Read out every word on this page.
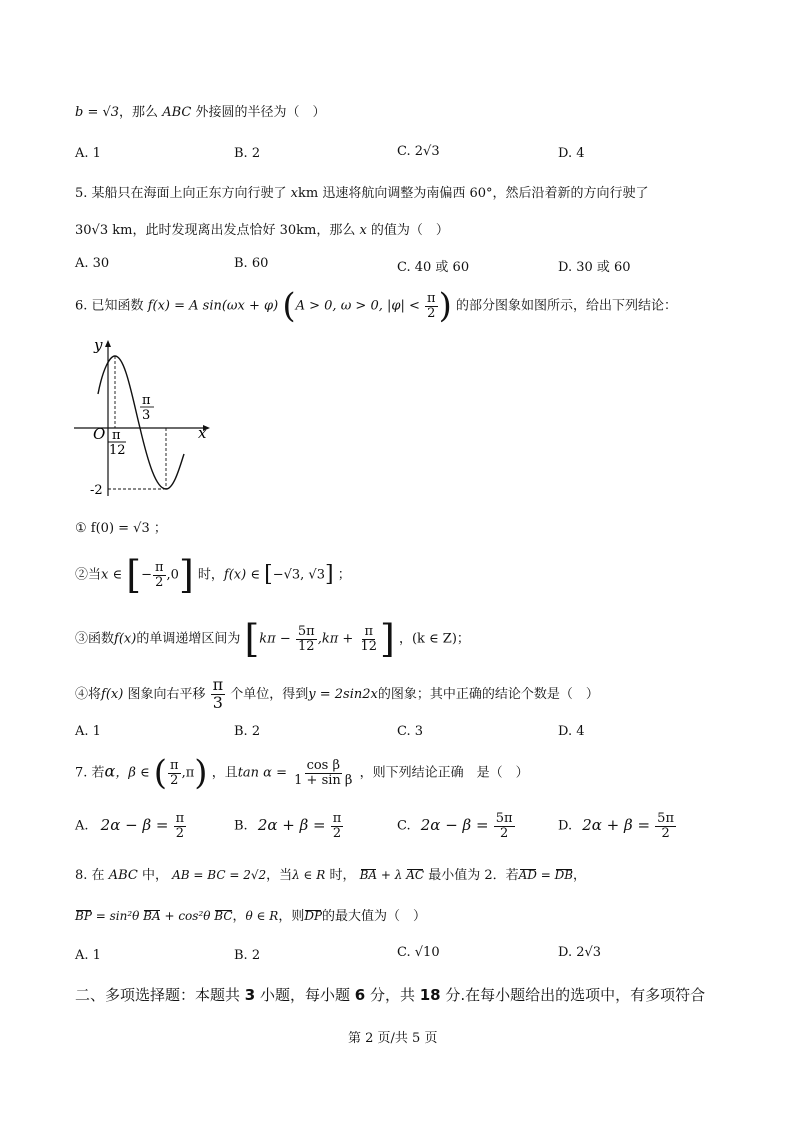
b = √3，那么 ABC 外接圆的半径为（　）
A. 1	B. 2	C. 2√3	D. 4
5. 某船只在海面上向正东方向行驶了 xkm 迅速将航向调整为南偏西 60°，然后沿着新的方向行驶了
30√3 km，此时发现离出发点恰好 30km，那么 x 的值为（　）
A. 30	B. 60	C. 40 或 60	D. 30 或 60
6. 已知函数 f(x) = A sin(ωx + φ) (A > 0, ω > 0, $|\varphi| < \frac{\pi}{2}$ ) 的部分图象如图所示，给出下列结论：
y
x
O π
12
π
3
-2
① f(0) = √3 ；
②当x ∈ [− $\frac{\pi}{2} ,0$] 时，f(x) ∈ [−√3, √3] ；
③函数f(x)的单调递增区间为 [$k\pi - \frac{5\pi}{12} ,k\pi + \frac{\pi}{12}$ ] ，(k ∈ Z)；
④将f(x) 图象向右平移 $\frac{\pi}{3}$ 个单位，得到y = 2sin2x的图象；其中正确的结论个数是（　）
A. 1	B. 2	C. 3	D. 4
7. 若α，β ∈ ( $\frac{\pi}{2} ,\pi$) ，且$\tan \alpha = \frac{\text{cos β}}{\text{1 + sin β}}$ ，则下列结论正确　是（　）
A. $2\alpha - \beta = \frac{\pi}{2}$	B. $2\alpha + \beta = \frac{\pi}{2}$	C. $2\alpha - \beta = \frac{5\pi}{2}$	D. $2\alpha + \beta = \frac{5\pi}{2}$
8. 在 ABC 中， AB = BC = 2√2，当λ ∈ R 时， BA + λ AC 最小值为 2．若AD = DB，
BP = sin²θ BA + cos²θ BC，θ ∈ R，则DP的最大值为（　）
A. 1	B. 2	C. √10	D. 2√3
二、多项选择题：本题共 3 小题，每小题 6 分，共 18 分.在每小题给出的选项中，有多项符合
第 2 页/共 5 页
